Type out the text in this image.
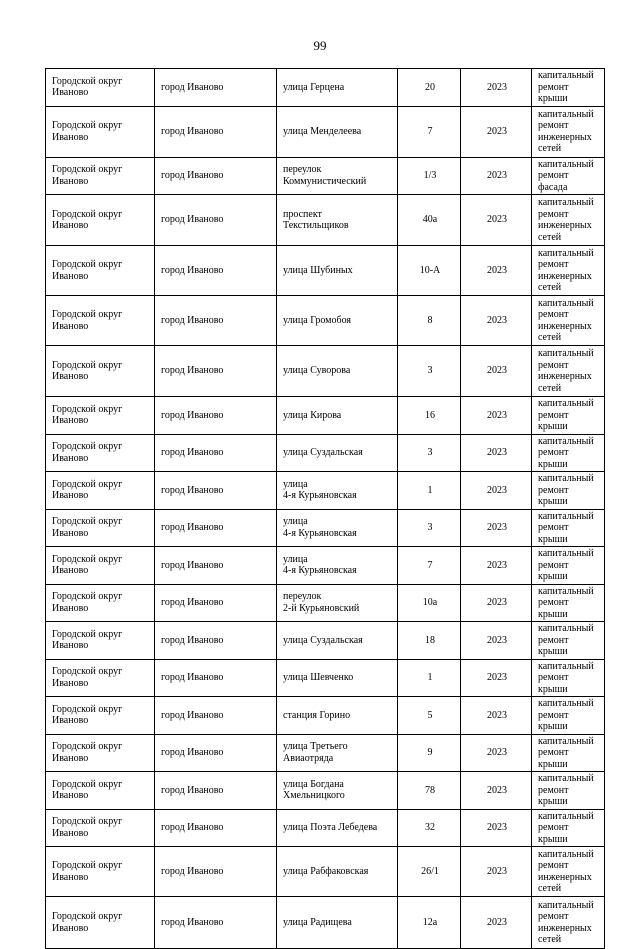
99
Городской округ
Иваново	город Иваново	улица Герцена	20	2023	капитальный
ремонт крыши

Городской округ
Иваново	город Иваново	улица Менделеева	7	2023	капитальный
ремонт
инженерных
сетей

Городской округ
Иваново	город Иваново	переулок
Коммунистический	1/3	2023	капитальный
ремонт фасада

Городской округ
Иваново	город Иваново	проспект
Текстильщиков	40а	2023	капитальный
ремонт
инженерных
сетей

Городской округ
Иваново	город Иваново	улица Шубиных	10-А	2023	капитальный
ремонт
инженерных
сетей

Городской округ
Иваново	город Иваново	улица Громобоя	8	2023	капитальный
ремонт
инженерных
сетей

Городской округ
Иваново	город Иваново	улица Суворова	3	2023	капитальный
ремонт
инженерных
сетей

Городской округ
Иваново	город Иваново	улица Кирова	16	2023	капитальный
ремонт крыши

Городской округ
Иваново	город Иваново	улица Суздальская	3	2023	капитальный
ремонт крыши

Городской округ
Иваново	город Иваново	улица
4-я Курьяновская	1	2023	капитальный
ремонт крыши

Городской округ
Иваново	город Иваново	улица
4-я Курьяновская	3	2023	капитальный
ремонт крыши

Городской округ
Иваново	город Иваново	улица
4-я Курьяновская	7	2023	капитальный
ремонт крыши

Городской округ
Иваново	город Иваново	переулок
2-й Курьяновский	10а	2023	капитальный
ремонт крыши

Городской округ
Иваново	город Иваново	улица Суздальская	18	2023	капитальный
ремонт крыши

Городской округ
Иваново	город Иваново	улица Шевченко	1	2023	капитальный
ремонт крыши

Городской округ
Иваново	город Иваново	станция Горино	5	2023	капитальный
ремонт крыши

Городской округ
Иваново	город Иваново	улица Третьего
Авиаотряда	9	2023	капитальный
ремонт крыши

Городской округ
Иваново	город Иваново	улица Богдана
Хмельницкого	78	2023	капитальный
ремонт крыши

Городской округ
Иваново	город Иваново	улица Поэта Лебедева	32	2023	капитальный
ремонт крыши

Городской округ
Иваново	город Иваново	улица Рабфаковская	26/1	2023	капитальный
ремонт
инженерных
сетей

Городской округ
Иваново	город Иваново	улица Радищева	12а	2023	капитальный
ремонт
инженерных
сетей
